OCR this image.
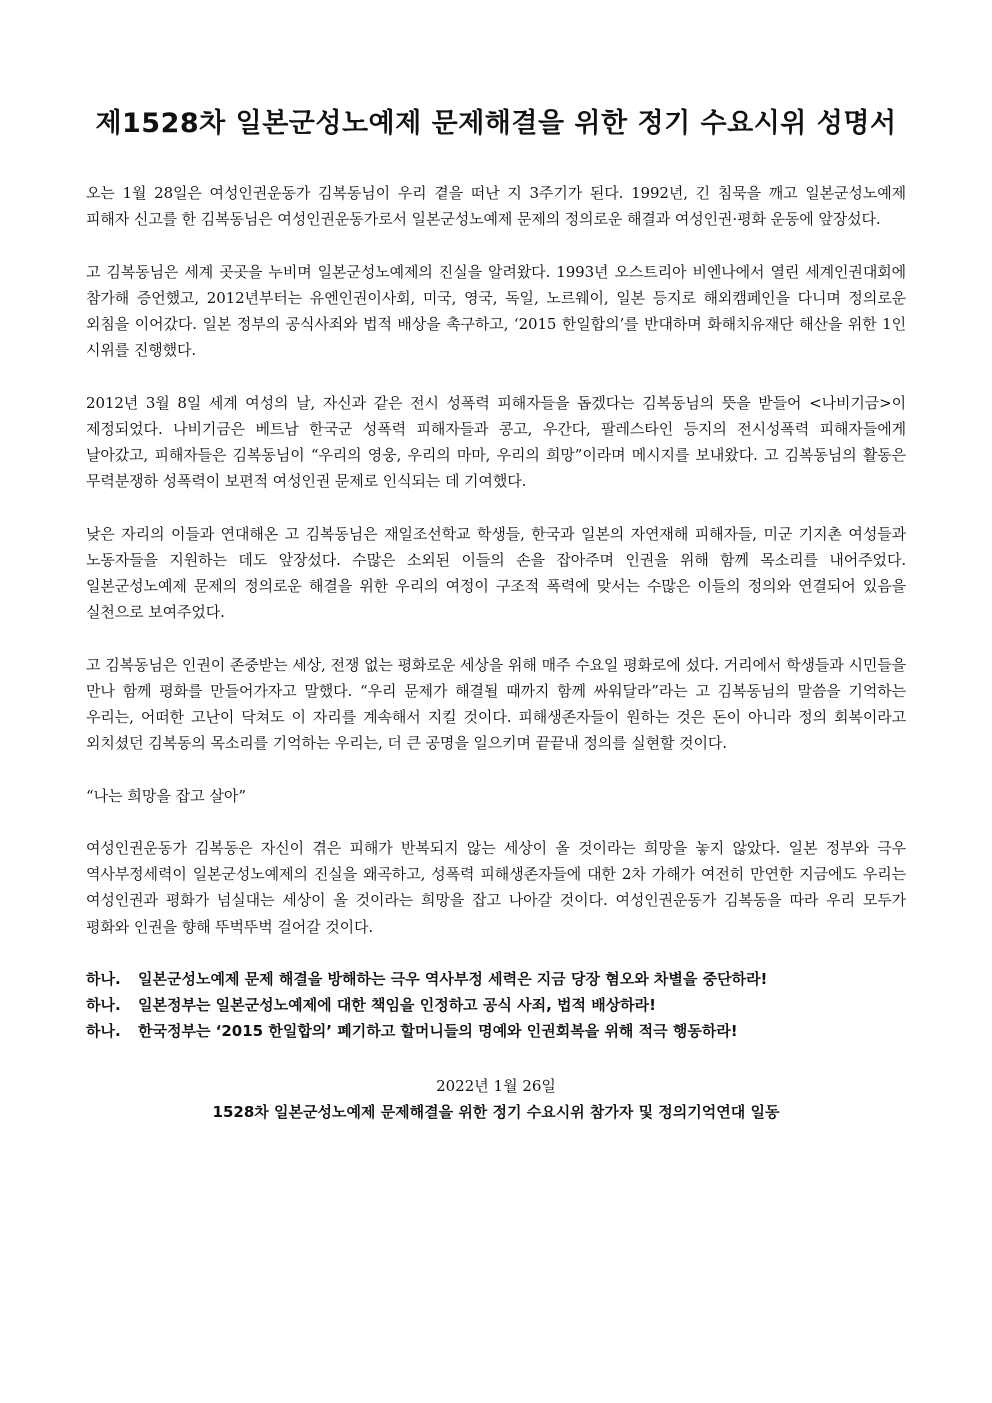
제1528차 일본군성노예제 문제해결을 위한 정기 수요시위 성명서

오는 1월 28일은 여성인권운동가 김복동님이 우리 곁을 떠난 지 3주기가 된다. 1992년, 긴 침묵을 깨고 일본군성노예제 피해자 신고를 한 김복동님은 여성인권운동가로서 일본군성노예제 문제의 정의로운 해결과 여성인권·평화 운동에 앞장섰다.

고 김복동님은 세계 곳곳을 누비며 일본군성노예제의 진실을 알려왔다. 1993년 오스트리아 비엔나에서 열린 세계인권대회에 참가해 증언했고, 2012년부터는 유엔인권이사회, 미국, 영국, 독일, 노르웨이, 일본 등지로 해외캠페인을 다니며 정의로운 외침을 이어갔다. 일본 정부의 공식사죄와 법적 배상을 촉구하고, ‘2015 한일합의’를 반대하며 화해치유재단 해산을 위한 1인 시위를 진행했다.

2012년 3월 8일 세계 여성의 날, 자신과 같은 전시 성폭력 피해자들을 돕겠다는 김복동님의 뜻을 받들어 <나비기금>이 제정되었다. 나비기금은 베트남 한국군 성폭력 피해자들과 콩고, 우간다, 팔레스타인 등지의 전시성폭력 피해자들에게 날아갔고, 피해자들은 김복동님이 “우리의 영웅, 우리의 마마, 우리의 희망”이라며 메시지를 보내왔다. 고 김복동님의 활동은 무력분쟁하 성폭력이 보편적 여성인권 문제로 인식되는 데 기여했다.

낮은 자리의 이들과 연대해온 고 김복동님은 재일조선학교 학생들, 한국과 일본의 자연재해 피해자들, 미군 기지촌 여성들과 노동자들을 지원하는 데도 앞장섰다. 수많은 소외된 이들의 손을 잡아주며 인권을 위해 함께 목소리를 내어주었다. 일본군성노예제 문제의 정의로운 해결을 위한 우리의 여정이 구조적 폭력에 맞서는 수많은 이들의 정의와 연결되어 있음을 실천으로 보여주었다.

고 김복동님은 인권이 존중받는 세상, 전쟁 없는 평화로운 세상을 위해 매주 수요일 평화로에 섰다. 거리에서 학생들과 시민들을 만나 함께 평화를 만들어가자고 말했다. “우리 문제가 해결될 때까지 함께 싸워달라”라는 고 김복동님의 말씀을 기억하는 우리는, 어떠한 고난이 닥쳐도 이 자리를 계속해서 지킬 것이다. 피해생존자들이 원하는 것은 돈이 아니라 정의 회복이라고 외치셨던 김복동의 목소리를 기억하는 우리는, 더 큰 공명을 일으키며 끝끝내 정의를 실현할 것이다.

“나는 희망을 잡고 살아”

여성인권운동가 김복동은 자신이 겪은 피해가 반복되지 않는 세상이 올 것이라는 희망을 놓지 않았다. 일본 정부와 극우 역사부정세력이 일본군성노예제의 진실을 왜곡하고, 성폭력 피해생존자들에 대한 2차 가해가 여전히 만연한 지금에도 우리는 여성인권과 평화가 넘실대는 세상이 올 것이라는 희망을 잡고 나아갈 것이다. 여성인권운동가 김복동을 따라 우리 모두가 평화와 인권을 향해 뚜벅뚜벅 걸어갈 것이다.

하나.	일본군성노예제 문제 해결을 방해하는 극우 역사부정 세력은 지금 당장 혐오와 차별을 중단하라!
하나.	일본정부는 일본군성노예제에 대한 책임을 인정하고 공식 사죄, 법적 배상하라!
하나.	한국정부는 ‘2015 한일합의’ 폐기하고 할머니들의 명예와 인권회복을 위해 적극 행동하라!

2022년 1월 26일

1528차 일본군성노예제 문제해결을 위한 정기 수요시위 참가자 및 정의기억연대 일동
